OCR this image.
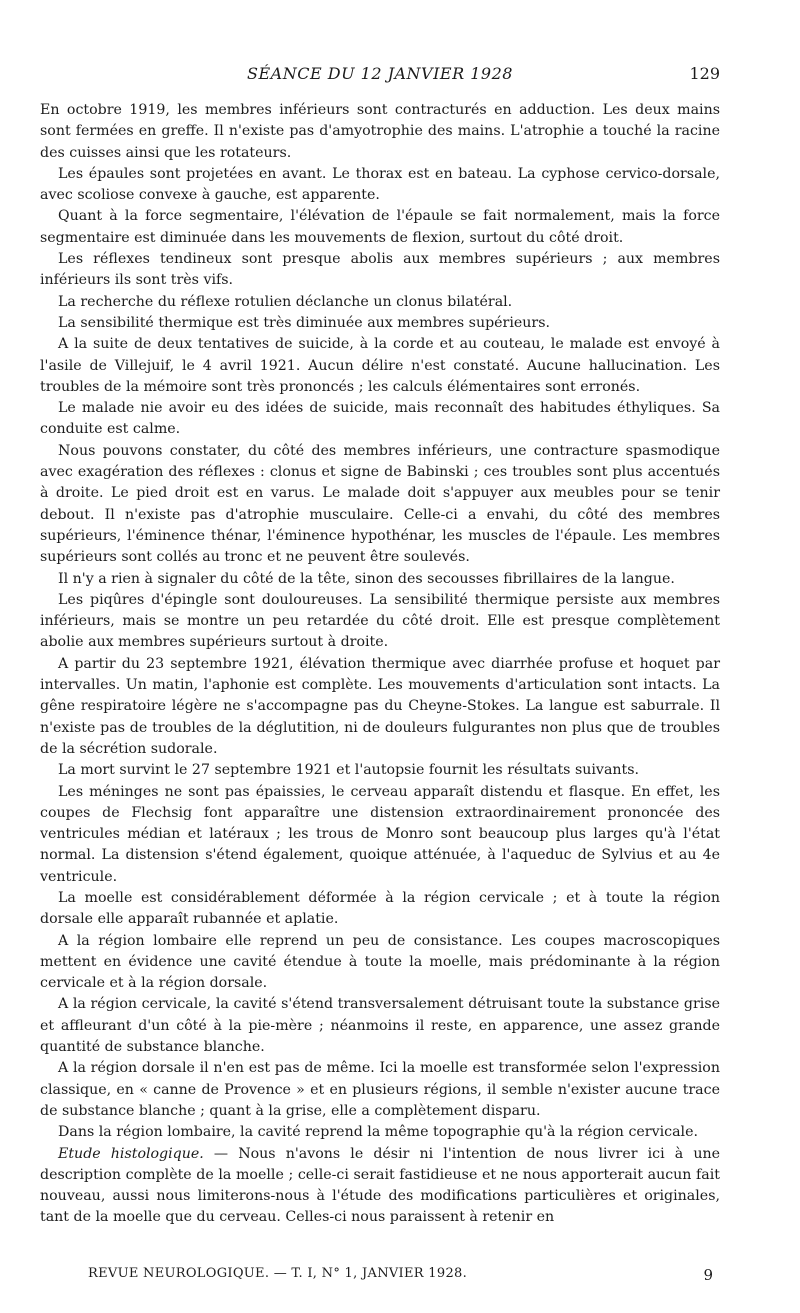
SÉANCE DU 12 JANVIER 1928	129

En octobre 1919, les membres inférieurs sont contracturés en adduction. Les deux mains sont fermées en greffe. Il n'existe pas d'amyotrophie des mains. L'atrophie a touché la racine des cuisses ainsi que les rotateurs.

Les épaules sont projetées en avant. Le thorax est en bateau. La cyphose cervico-dorsale, avec scoliose convexe à gauche, est apparente.

Quant à la force segmentaire, l'élévation de l'épaule se fait normalement, mais la force segmentaire est diminuée dans les mouvements de flexion, surtout du côté droit.

Les réflexes tendineux sont presque abolis aux membres supérieurs ; aux membres inférieurs ils sont très vifs.

La recherche du réflexe rotulien déclanche un clonus bilatéral.

La sensibilité thermique est très diminuée aux membres supérieurs.

A la suite de deux tentatives de suicide, à la corde et au couteau, le malade est envoyé à l'asile de Villejuif, le 4 avril 1921. Aucun délire n'est constaté. Aucune hallucination. Les troubles de la mémoire sont très prononcés ; les calculs élémentaires sont erronés.

Le malade nie avoir eu des idées de suicide, mais reconnaît des habitudes éthyliques. Sa conduite est calme.

Nous pouvons constater, du côté des membres inférieurs, une contracture spasmodique avec exagération des réflexes : clonus et signe de Babinski ; ces troubles sont plus accentués à droite. Le pied droit est en varus. Le malade doit s'appuyer aux meubles pour se tenir debout. Il n'existe pas d'atrophie musculaire. Celle-ci a envahi, du côté des membres supérieurs, l'éminence thénar, l'éminence hypothénar, les muscles de l'épaule. Les membres supérieurs sont collés au tronc et ne peuvent être soulevés.

Il n'y a rien à signaler du côté de la tête, sinon des secousses fibrillaires de la langue.

Les piqûres d'épingle sont douloureuses. La sensibilité thermique persiste aux membres inférieurs, mais se montre un peu retardée du côté droit. Elle est presque complètement abolie aux membres supérieurs surtout à droite.

A partir du 23 septembre 1921, élévation thermique avec diarrhée profuse et hoquet par intervalles. Un matin, l'aphonie est complète. Les mouvements d'articulation sont intacts. La gêne respiratoire légère ne s'accompagne pas du Cheyne-Stokes. La langue est saburrale. Il n'existe pas de troubles de la déglutition, ni de douleurs fulgurantes non plus que de troubles de la sécrétion sudorale.

La mort survint le 27 septembre 1921 et l'autopsie fournit les résultats suivants.

Les méninges ne sont pas épaissies, le cerveau apparaît distendu et flasque. En effet, les coupes de Flechsig font apparaître une distension extraordinairement prononcée des ventricules médian et latéraux ; les trous de Monro sont beaucoup plus larges qu'à l'état normal. La distension s'étend également, quoique atténuée, à l'aqueduc de Sylvius et au 4e ventricule.

La moelle est considérablement déformée à la région cervicale ; et à toute la région dorsale elle apparaît rubannée et aplatie.

A la région lombaire elle reprend un peu de consistance. Les coupes macroscopiques mettent en évidence une cavité étendue à toute la moelle, mais prédominante à la région cervicale et à la région dorsale.

A la région cervicale, la cavité s'étend transversalement détruisant toute la substance grise et affleurant d'un côté à la pie-mère ; néanmoins il reste, en apparence, une assez grande quantité de substance blanche.

A la région dorsale il n'en est pas de même. Ici la moelle est transformée selon l'expression classique, en « canne de Provence » et en plusieurs régions, il semble n'exister aucune trace de substance blanche ; quant à la grise, elle a complètement disparu.

Dans la région lombaire, la cavité reprend la même topographie qu'à la région cervicale.

Etude histologique. — Nous n'avons le désir ni l'intention de nous livrer ici à une description complète de la moelle ; celle-ci serait fastidieuse et ne nous apporterait aucun fait nouveau, aussi nous limiterons-nous à l'étude des modifications particulières et originales, tant de la moelle que du cerveau. Celles-ci nous paraissent à retenir en

REVUE NEUROLOGIQUE. — T. I, N° 1, JANVIER 1928.	9
